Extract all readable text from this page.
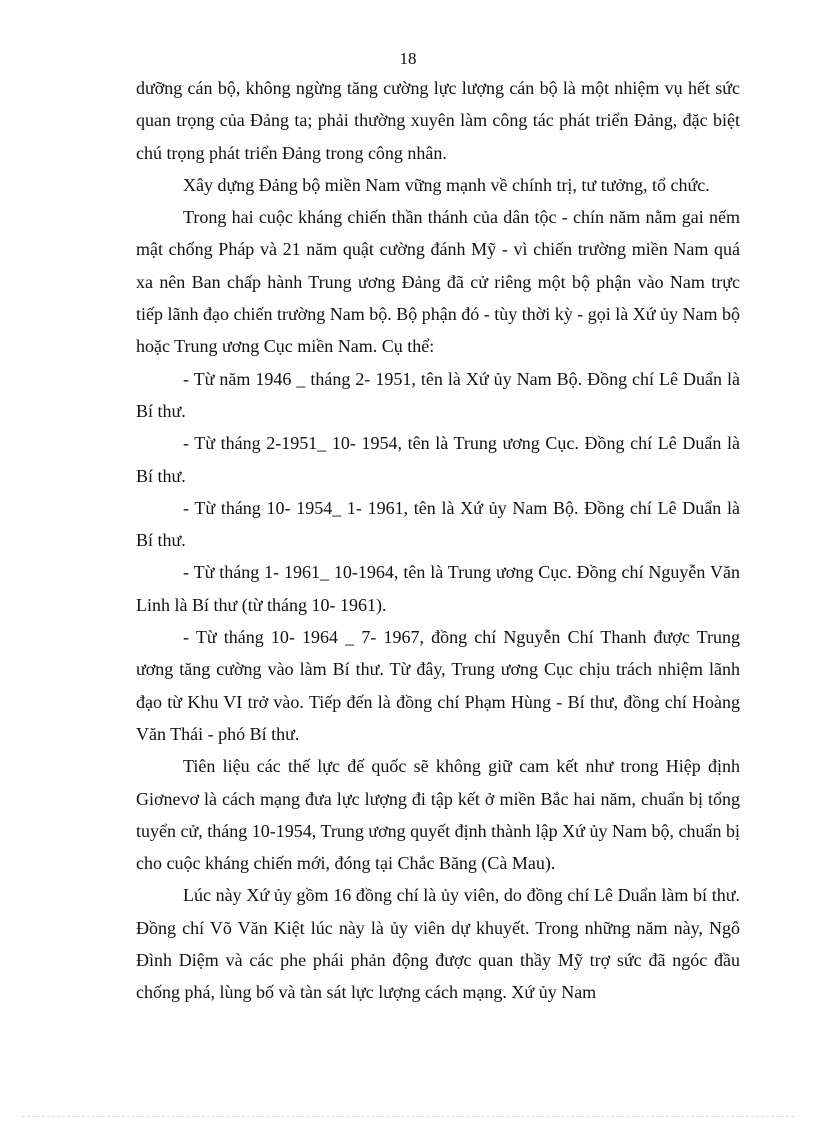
18

dưỡng cán bộ, không ngừng tăng cường lực lượng cán bộ là một nhiệm vụ hết sức quan trọng của Đảng ta; phải thường xuyên làm công tác phát triển Đảng, đặc biệt chú trọng phát triển Đảng trong công nhân.

Xây dựng Đảng bộ miền Nam vững mạnh về chính trị, tư tưởng, tổ chức.

Trong hai cuộc kháng chiến thần thánh của dân tộc - chín năm nằm gai nếm mật chống Pháp và 21 năm quật cường đánh Mỹ - vì chiến trường miền Nam quá xa nên Ban chấp hành Trung ương Đảng đã cử riêng một bộ phận vào Nam trực tiếp lãnh đạo chiến trường Nam bộ. Bộ phận đó - tùy thời kỳ - gọi là Xứ ủy Nam bộ hoặc Trung ương Cục miền Nam. Cụ thể:

- Từ năm 1946 _ tháng 2- 1951, tên là Xứ ủy Nam Bộ. Đồng chí Lê Duẩn là Bí thư.

- Từ tháng 2-1951_ 10- 1954, tên là Trung ương Cục. Đồng chí Lê Duẩn là Bí thư.

- Từ tháng 10- 1954_ 1- 1961, tên là Xứ ủy Nam Bộ. Đồng chí Lê Duẩn là Bí thư.

- Từ tháng 1- 1961_ 10-1964, tên là Trung ương Cục. Đồng chí Nguyễn Văn Linh là Bí thư (từ tháng 10- 1961).

- Từ tháng 10- 1964 _ 7- 1967, đồng chí Nguyễn Chí Thanh được Trung ương tăng cường vào làm Bí thư. Từ đây, Trung ương Cục chịu trách nhiệm lãnh đạo từ Khu VI trở vào. Tiếp đến là đồng chí Phạm Hùng - Bí thư, đồng chí Hoàng Văn Thái - phó Bí thư.

Tiên liệu các thế lực đế quốc sẽ không giữ cam kết như trong Hiệp định Giơnevơ là cách mạng đưa lực lượng đi tập kết ở miền Bắc hai năm, chuẩn bị tổng tuyển cử, tháng 10-1954, Trung ương quyết định thành lập Xứ ủy Nam bộ, chuẩn bị cho cuộc kháng chiến mới, đóng tại Chắc Băng (Cà Mau).

Lúc này Xứ ủy gồm 16 đồng chí là ủy viên, do đồng chí Lê Duẩn làm bí thư. Đồng chí Võ Văn Kiệt lúc này là ủy viên dự khuyết. Trong những năm này, Ngô Đình Diệm và các phe phái phản động được quan thầy Mỹ trợ sức đã ngóc đầu chống phá, lùng bố và tàn sát lực lượng cách mạng. Xứ ủy Nam
